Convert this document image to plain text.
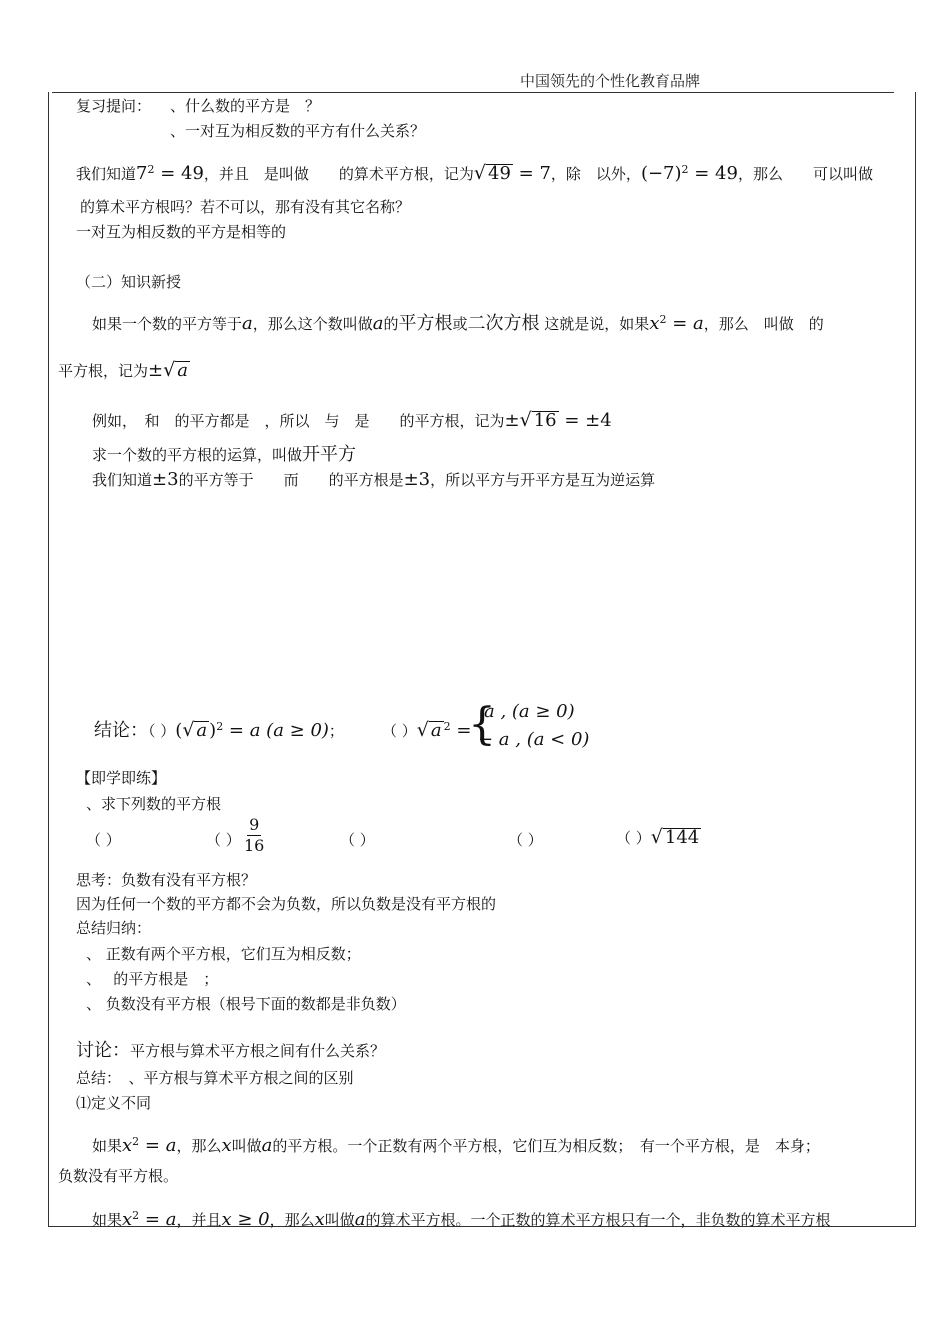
中国领先的个性化教育品牌
复习提问： 、什么数的平方是　？
、一对互为相反数的平方有什么关系？
我们知道$7^2 = 49$，并且　是叫做　　的算术平方根，记为√ 49 = 7，除　以外，$(-7)^2 = 49$，那么　　可以叫做
的算术平方根吗？若不可以，那有没有其它名称？
一对互为相反数的平方是相等的
（二）知识新授
如果一个数的平方等于a，那么这个数叫做a的平方根或二次方根 这就是说，如果$x^2 = a$，那么　叫做　的
平方根，记为±√ a
例如，　和　的平方都是　，所以　与　是　　的平方根，记为±√ 16 = ±4
求一个数的平方根的运算，叫做开平方
我们知道±3的平方等于　　而　　的平方根是±3，所以平方与开平方是互为逆运算
结论：（ ）(√ a )$^2$ = a (a ≥ 0)；	（ ）√ a $^2$ =
{
a , (a ≥ 0)
− a , (a < 0)
【即学即练】
、求下列数的平方根
（ ）	（ ） $\frac{9}{16}$	（ ）	（ ）	（ ）√ 144
思考：负数有没有平方根？
因为任何一个数的平方都不会为负数，所以负数是没有平方根的
总结归纳：
、 正数有两个平方根，它们互为相反数；
、　 的平方根是　；
、 负数没有平方根（根号下面的数都是非负数）
讨论：平方根与算术平方根之间有什么关系？
总结：　、平方根与算术平方根之间的区别
⑴定义不同
如果$x^2 = a$，那么x叫做a的平方根。一个正数有两个平方根，它们互为相反数；　有一个平方根，是　本身；
负数没有平方根。
如果$x^2 = a$，并且x ≥ 0，那么x叫做a的算术平方根。一个正数的算术平方根只有一个，非负数的算术平方根
